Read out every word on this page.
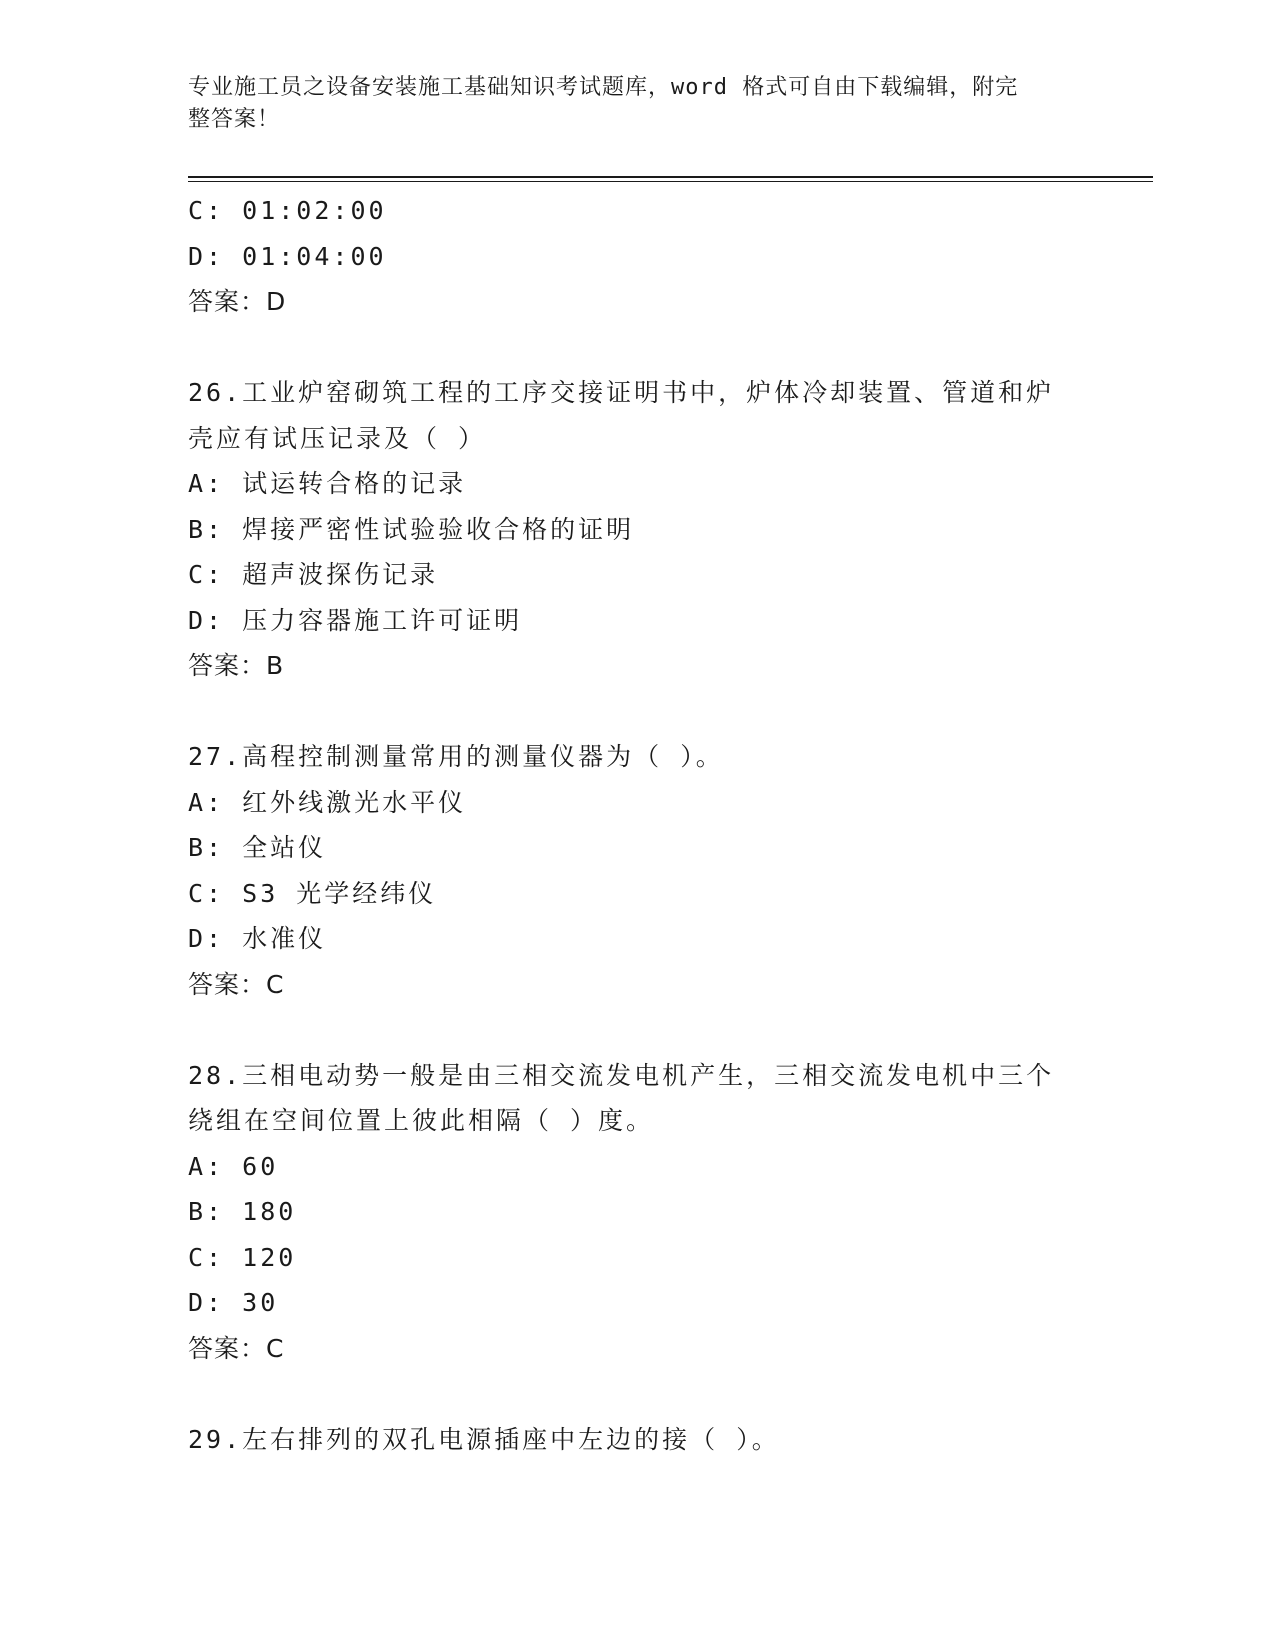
专业施工员之设备安装施工基础知识考试题库，word 格式可自由下载编辑，附完
整答案！
C: 01:02:00
D: 01:04:00
答案：D
26.工业炉窑砌筑工程的工序交接证明书中，炉体冷却装置、管道和炉
壳应有试压记录及（ ）
A: 试运转合格的记录
B: 焊接严密性试验验收合格的证明
C: 超声波探伤记录
D: 压力容器施工许可证明
答案：B
27.高程控制测量常用的测量仪器为（ ）。
A: 红外线激光水平仪
B: 全站仪
C: S3 光学经纬仪
D: 水准仪
答案：C
28.三相电动势一般是由三相交流发电机产生，三相交流发电机中三个
绕组在空间位置上彼此相隔（ ）度。
A: 60
B: 180
C: 120
D: 30
答案：C
29.左右排列的双孔电源插座中左边的接（ ）。
